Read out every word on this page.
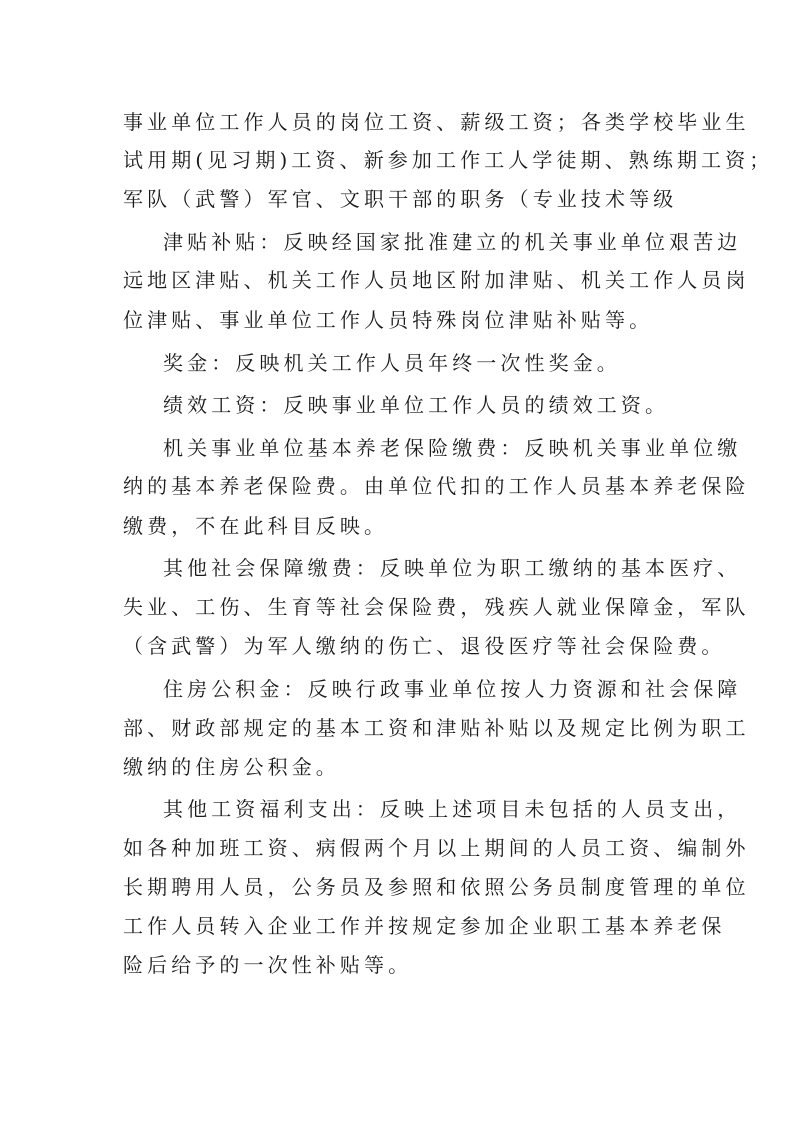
事业单位工作人员的岗位工资、薪级工资；各类学校毕业生
试用期(见习期)工资、新参加工作工人学徒期、熟练期工资；
军队（武警）军官、文职干部的职务（专业技术等级
津贴补贴：反映经国家批准建立的机关事业单位艰苦边
远地区津贴、机关工作人员地区附加津贴、机关工作人员岗
位津贴、事业单位工作人员特殊岗位津贴补贴等。
奖金：反映机关工作人员年终一次性奖金。
绩效工资：反映事业单位工作人员的绩效工资。
机关事业单位基本养老保险缴费：反映机关事业单位缴
纳的基本养老保险费。由单位代扣的工作人员基本养老保险
缴费，不在此科目反映。
其他社会保障缴费：反映单位为职工缴纳的基本医疗、
失业、工伤、生育等社会保险费，残疾人就业保障金，军队
（含武警）为军人缴纳的伤亡、退役医疗等社会保险费。
住房公积金：反映行政事业单位按人力资源和社会保障
部、财政部规定的基本工资和津贴补贴以及规定比例为职工
缴纳的住房公积金。
其他工资福利支出：反映上述项目未包括的人员支出，
如各种加班工资、病假两个月以上期间的人员工资、编制外
长期聘用人员，公务员及参照和依照公务员制度管理的单位
工作人员转入企业工作并按规定参加企业职工基本养老保
险后给予的一次性补贴等。
